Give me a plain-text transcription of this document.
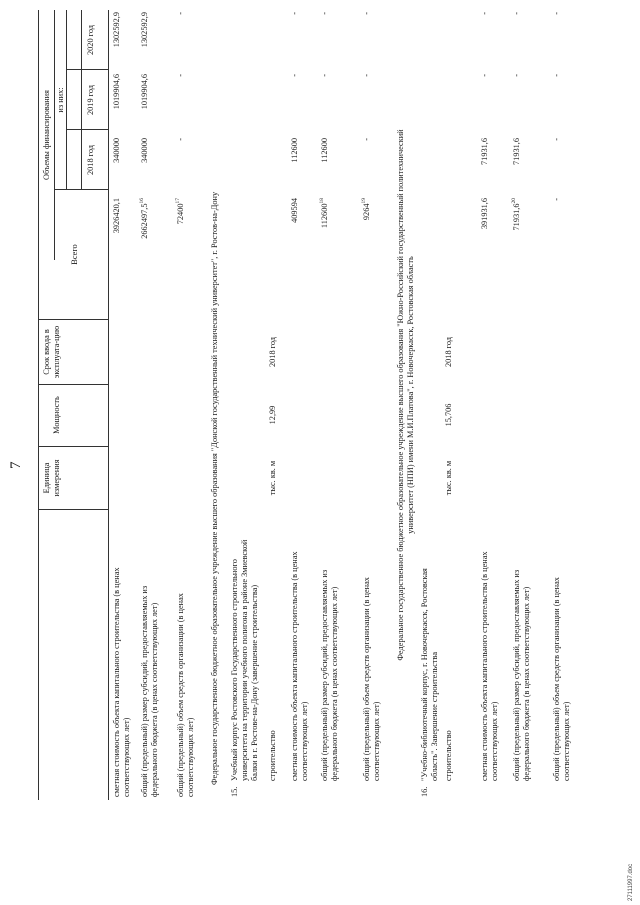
7 Единица измерения
Мощность
Срок ввода в эксплуата-цию
Всего
Объемы финансирования из них:
2018 год
2019 год
2020 год
сметная стоимость объекта капитального строительства (в ценах соответствующих лет)
3926420,1
340000
1019904,6
1302592,9
общий (предельный) размер субсидий, предоставляемых из федерального бюджета (в ценах соответствующих лет)
2662497,5$^{16}$
340000
1019904,6
1302592,9
общий (предельный) объем средств организации (в ценах соответствующих лет)
72400$^{17}$
-
-
-
Федеральное государственное бюджетное образовательное учреждение высшего образования "Донской государственный технический университет", г. Ростов-на-Дону
15.
Учебный корпус Ростовского Государственного строительного университета на территории учебного полигона в районе Змиевской балки в г. Ростове-на-Дону (завершение строительства) строительство
тыс. кв. м
12,99
2018 год
сметная стоимость объекта капитального строительства (в ценах соответствующих лет)
409594
112600
-
-
общий (предельный) размер субсидий, предоставляемых из федерального бюджета (в ценах соответствующих лет)
112600$^{18}$
112600
-
-
общий (предельный) объем средств организации (в ценах соответствующих лет)
9264$^{19}$
-
-
-
Федеральное государственное бюджетное образовательное учреждение высшего образования "Южно-Российский государственный политехнический университет (НПИ) имени М.И.Платова", г. Новочеркасск, Ростовская область
16.
"Учебно-библиотечный корпус, г. Новочеркасск, Ростовская область". Завершение строительства строительство
тыс. кв. м
15,706
2018 год
сметная стоимость объекта капитального строительства (в ценах соответствующих лет)
391931,6
71931,6
-
-
общий (предельный) размер субсидий, предоставляемых из федерального бюджета (в ценах соответствующих лет)
71931,6$^{20}$
71931,6
-
-
общий (предельный) объем средств организации (в ценах соответствующих лет)
-
-
-
-
27111997.doc
